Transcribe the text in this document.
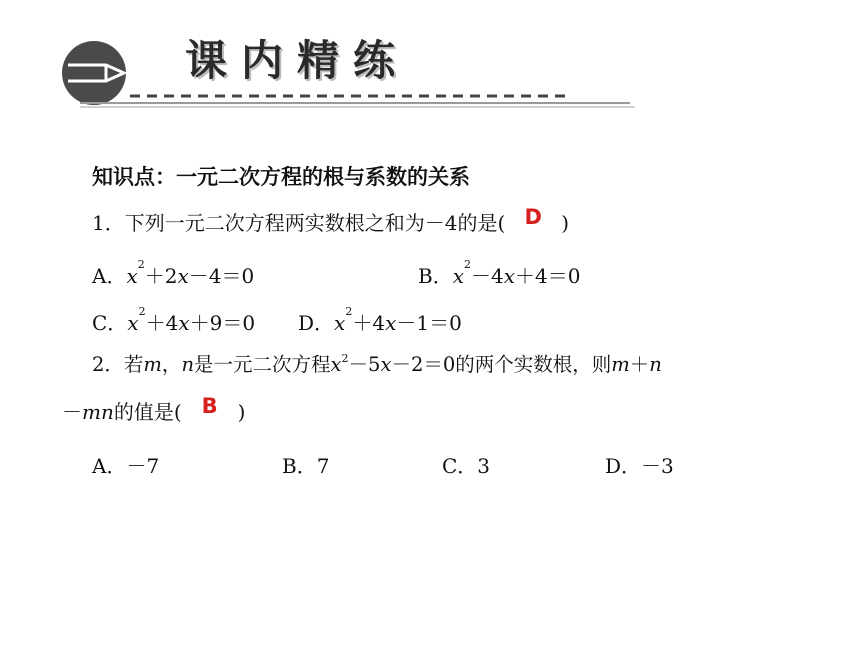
课内精练
知识点：一元二次方程的根与系数的关系
1．下列一元二次方程两实数根之和为－4的是( D )
A．$x^2+2x-4=0$	B．$x^2-4x+4=0$
C．$x^2+4x+9=0$ D．$x^2+4x-1=0$
2．若m，n是一元二次方程$x^2-5x-2=0$的两个实数根，则m＋n
－mn的值是( B )
A．－7	B．7	C．3	D．－3
